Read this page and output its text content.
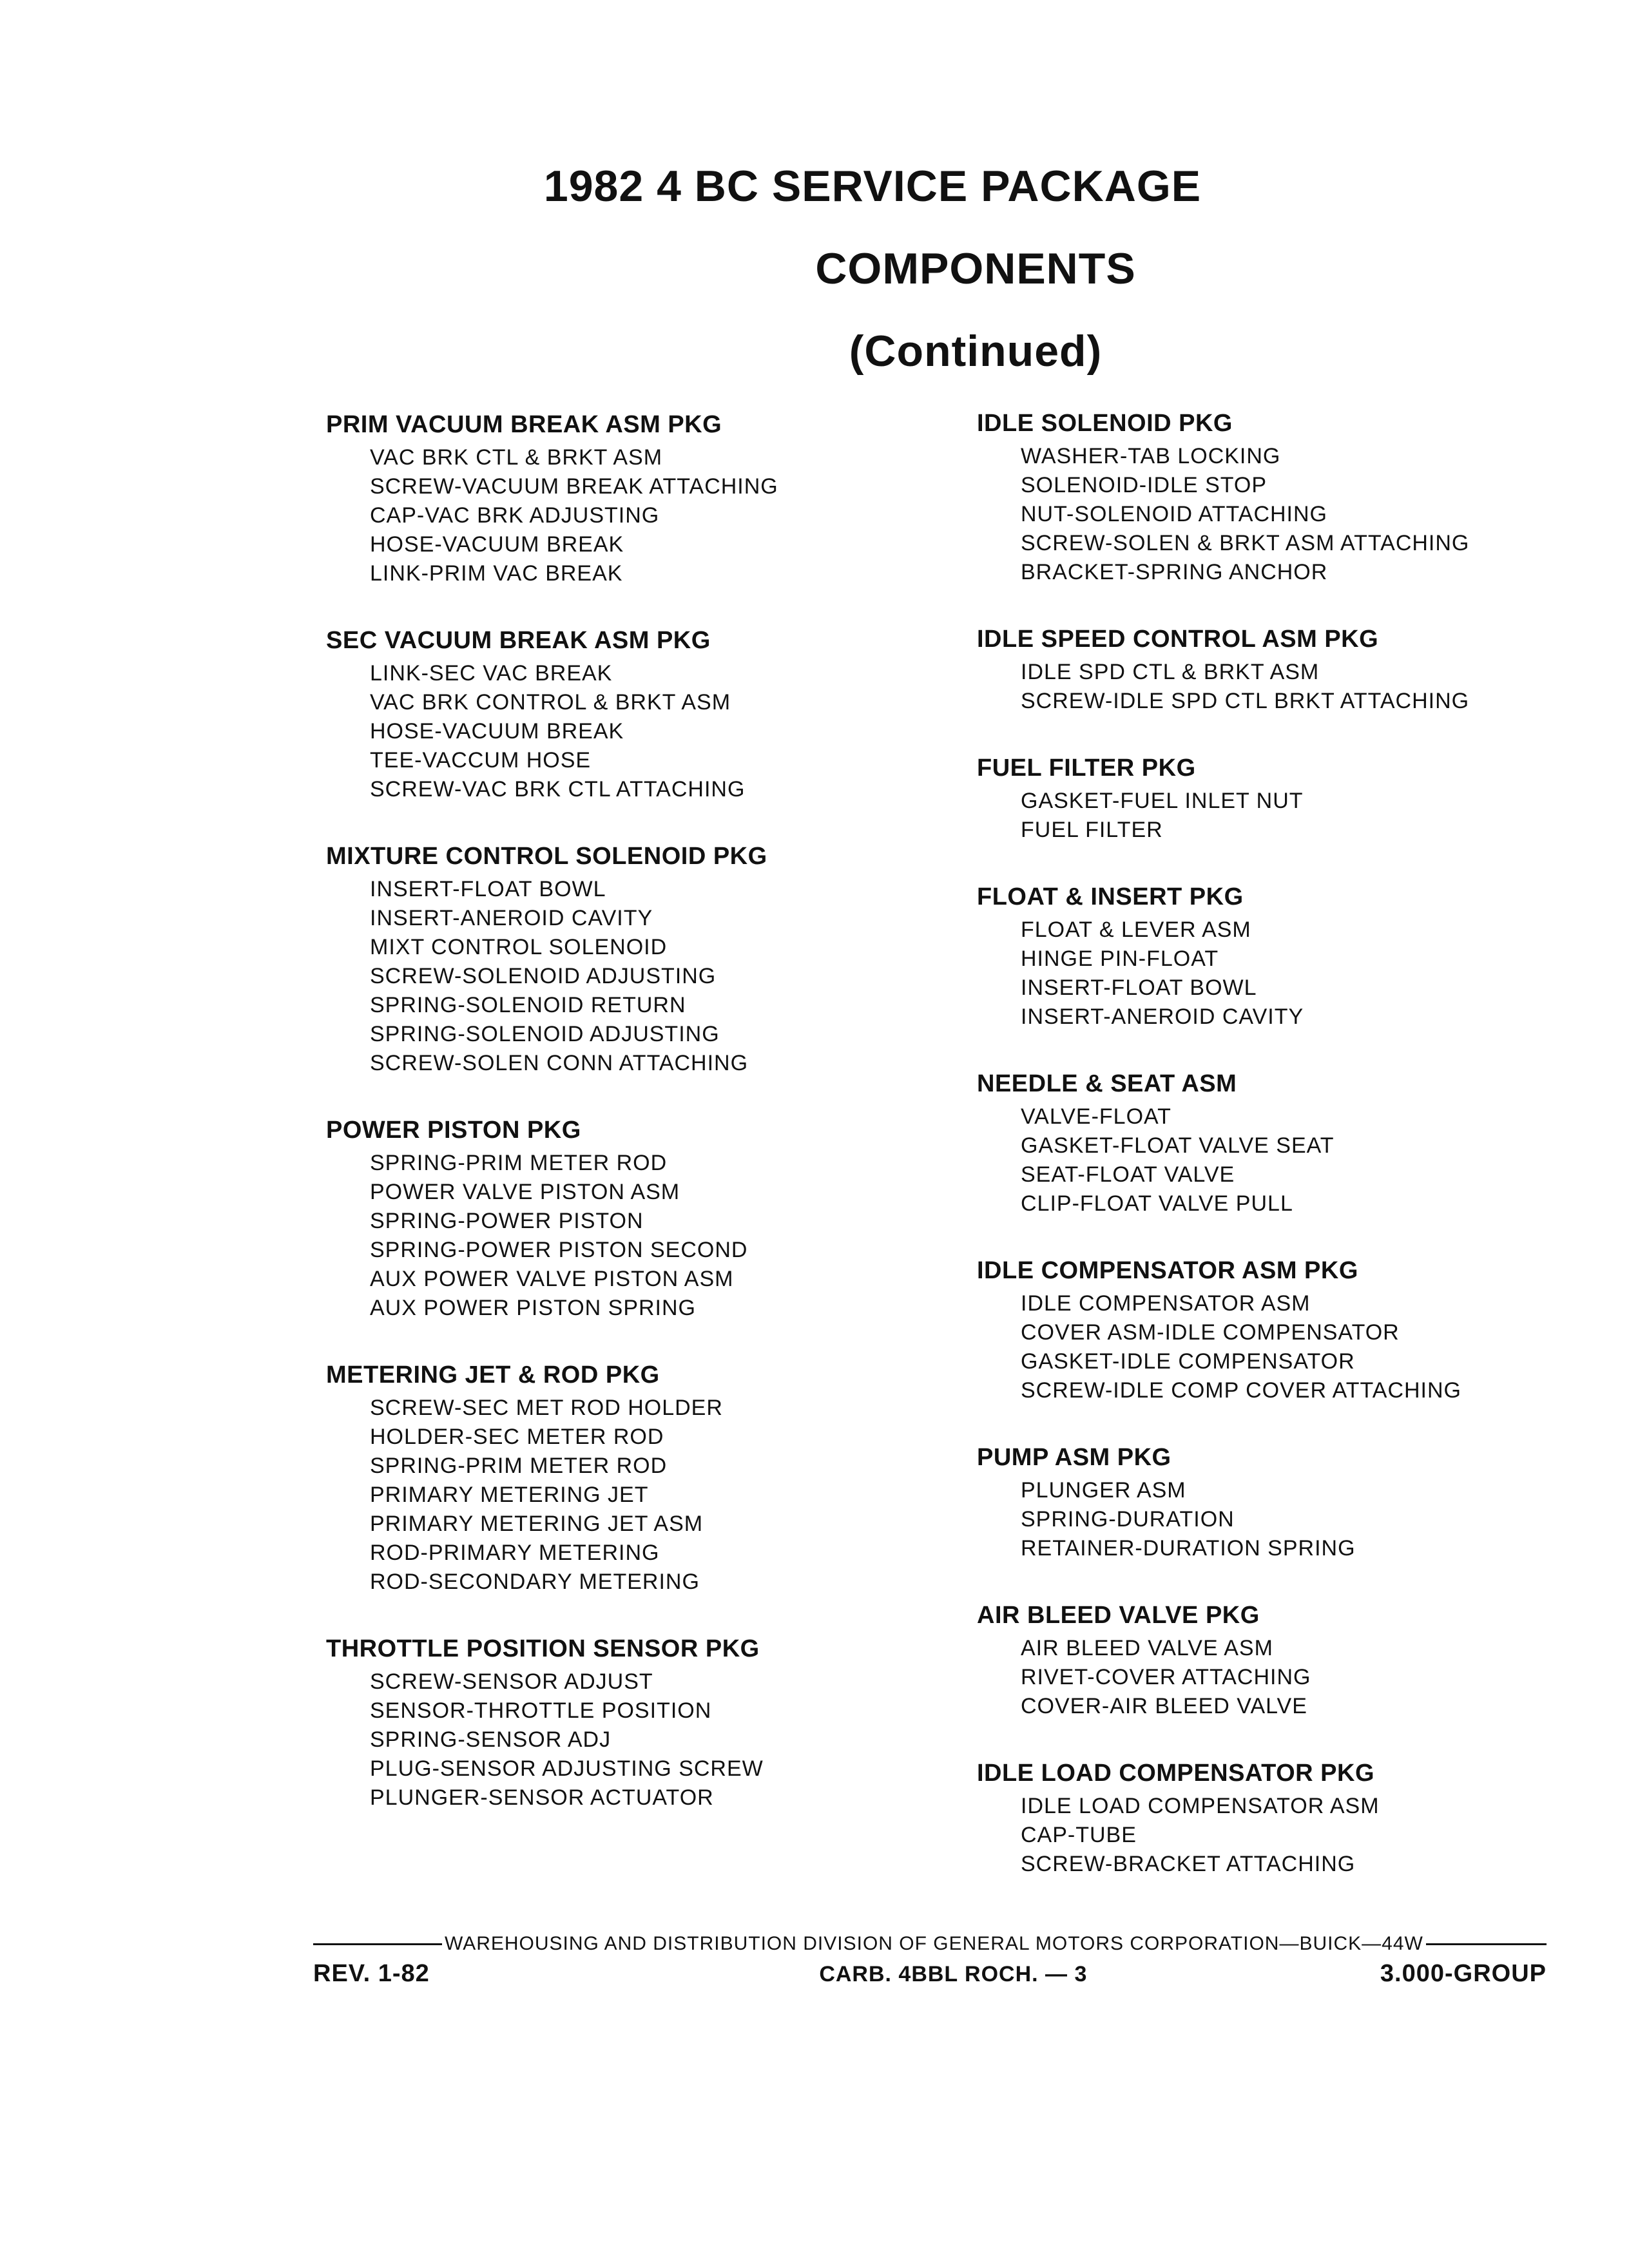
1982 4 BC SERVICE PACKAGE
COMPONENTS
(Continued)
PRIM VACUUM BREAK ASM PKG
VAC BRK CTL & BRKT ASM
SCREW-VACUUM BREAK ATTACHING
CAP-VAC BRK ADJUSTING
HOSE-VACUUM BREAK
LINK-PRIM VAC BREAK
SEC VACUUM BREAK ASM PKG
LINK-SEC VAC BREAK
VAC BRK CONTROL & BRKT ASM
HOSE-VACUUM BREAK
TEE-VACCUM HOSE
SCREW-VAC BRK CTL ATTACHING
MIXTURE CONTROL SOLENOID PKG
INSERT-FLOAT BOWL
INSERT-ANEROID CAVITY
MIXT CONTROL SOLENOID
SCREW-SOLENOID ADJUSTING
SPRING-SOLENOID RETURN
SPRING-SOLENOID ADJUSTING
SCREW-SOLEN CONN ATTACHING
POWER PISTON PKG
SPRING-PRIM METER ROD
POWER VALVE PISTON ASM
SPRING-POWER PISTON
SPRING-POWER PISTON SECOND
AUX POWER VALVE PISTON ASM
AUX POWER PISTON SPRING
METERING JET & ROD PKG
SCREW-SEC MET ROD HOLDER
HOLDER-SEC METER ROD
SPRING-PRIM METER ROD
PRIMARY METERING JET
PRIMARY METERING JET ASM
ROD-PRIMARY METERING
ROD-SECONDARY METERING
THROTTLE POSITION SENSOR PKG
SCREW-SENSOR ADJUST
SENSOR-THROTTLE POSITION
SPRING-SENSOR ADJ
PLUG-SENSOR ADJUSTING SCREW
PLUNGER-SENSOR ACTUATOR
IDLE SOLENOID PKG
WASHER-TAB LOCKING
SOLENOID-IDLE STOP
NUT-SOLENOID ATTACHING
SCREW-SOLEN & BRKT ASM ATTACHING
BRACKET-SPRING ANCHOR
IDLE SPEED CONTROL ASM PKG
IDLE SPD CTL & BRKT ASM
SCREW-IDLE SPD CTL BRKT ATTACHING
FUEL FILTER PKG
GASKET-FUEL INLET NUT
FUEL FILTER
FLOAT & INSERT PKG
FLOAT & LEVER ASM
HINGE PIN-FLOAT
INSERT-FLOAT BOWL
INSERT-ANEROID CAVITY
NEEDLE & SEAT ASM
VALVE-FLOAT
GASKET-FLOAT VALVE SEAT
SEAT-FLOAT VALVE
CLIP-FLOAT VALVE PULL
IDLE COMPENSATOR ASM PKG
IDLE COMPENSATOR ASM
COVER ASM-IDLE COMPENSATOR
GASKET-IDLE COMPENSATOR
SCREW-IDLE COMP COVER ATTACHING
PUMP ASM PKG
PLUNGER ASM
SPRING-DURATION
RETAINER-DURATION SPRING
AIR BLEED VALVE PKG
AIR BLEED VALVE ASM
RIVET-COVER ATTACHING
COVER-AIR BLEED VALVE
IDLE LOAD COMPENSATOR PKG
IDLE LOAD COMPENSATOR ASM
CAP-TUBE
SCREW-BRACKET ATTACHING
WAREHOUSING AND DISTRIBUTION DIVISION OF GENERAL MOTORS CORPORATION—BUICK—44W
REV. 1-82	CARB. 4BBL ROCH. — 3	3.000-GROUP
